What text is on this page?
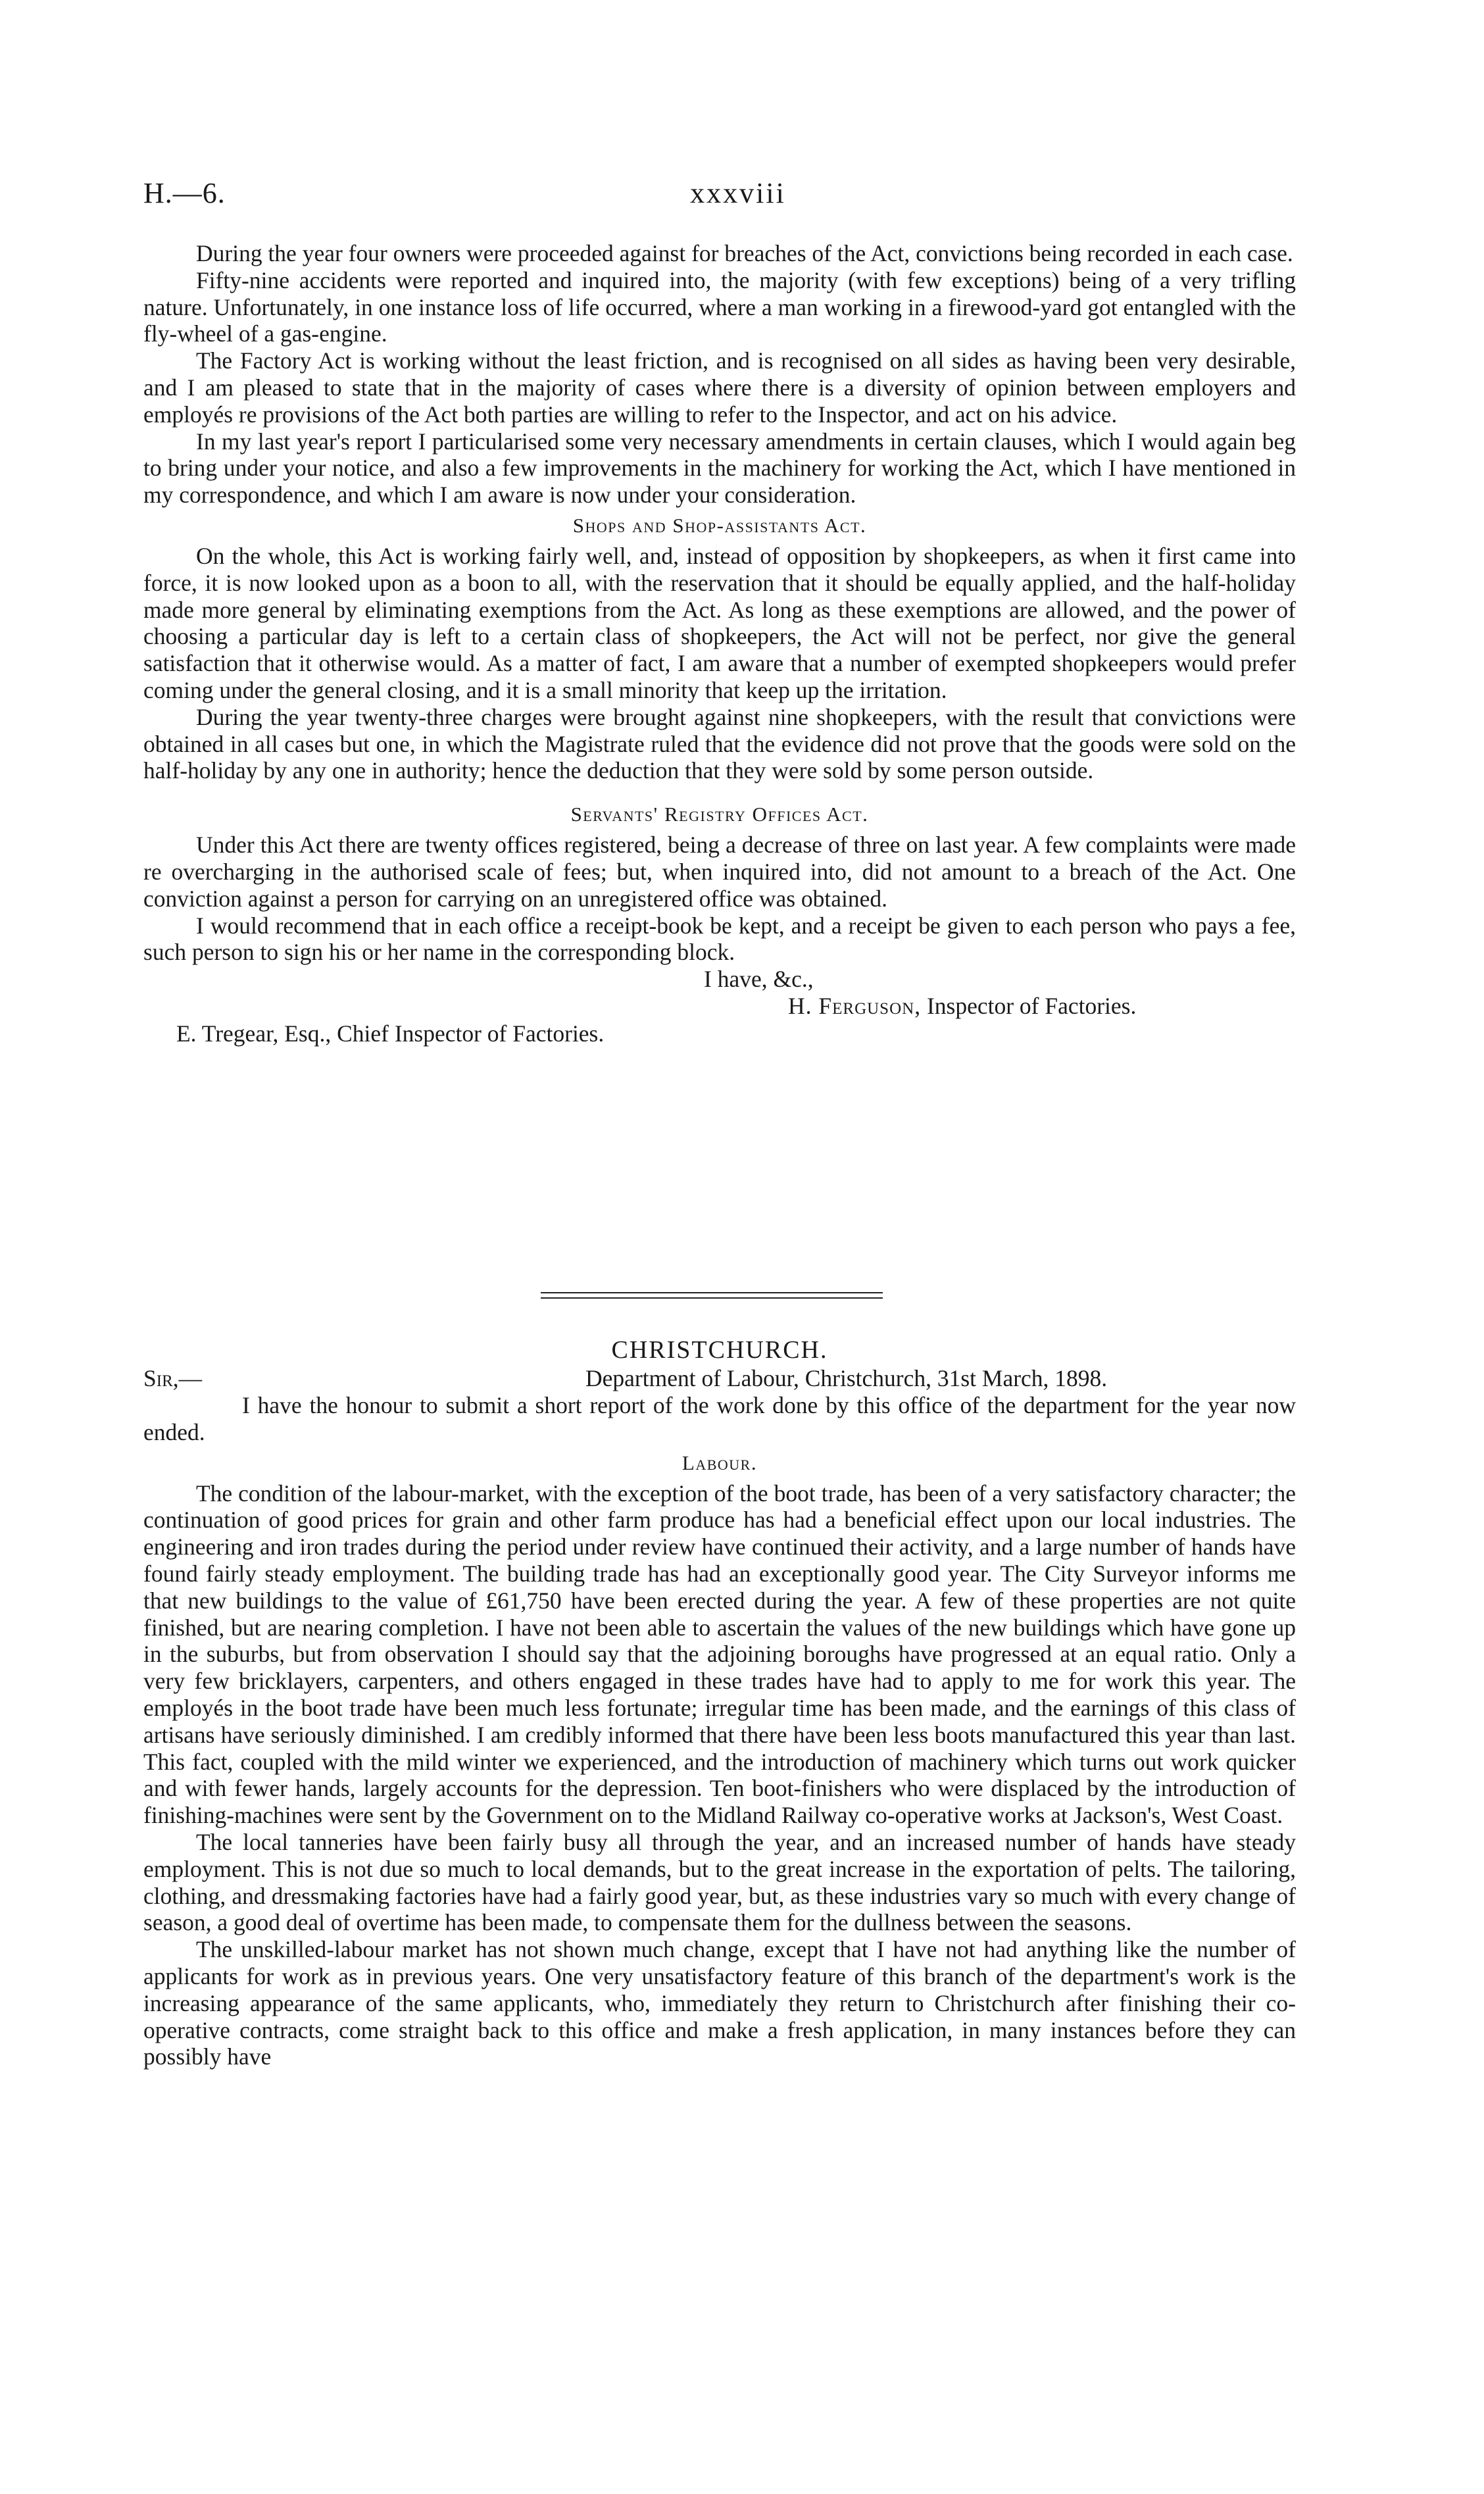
H.—6.	xxxviii

During the year four owners were proceeded against for breaches of the Act, convictions being recorded in each case.

Fifty-nine accidents were reported and inquired into, the majority (with few exceptions) being of a very trifling nature. Unfortunately, in one instance loss of life occurred, where a man working in a firewood-yard got entangled with the fly-wheel of a gas-engine.

The Factory Act is working without the least friction, and is recognised on all sides as having been very desirable, and I am pleased to state that in the majority of cases where there is a diversity of opinion between employers and employés re provisions of the Act both parties are willing to refer to the Inspector, and act on his advice.

In my last year's report I particularised some very necessary amendments in certain clauses, which I would again beg to bring under your notice, and also a few improvements in the machinery for working the Act, which I have mentioned in my correspondence, and which I am aware is now under your consideration.

Shops and Shop-assistants Act.

On the whole, this Act is working fairly well, and, instead of opposition by shopkeepers, as when it first came into force, it is now looked upon as a boon to all, with the reservation that it should be equally applied, and the half-holiday made more general by eliminating exemptions from the Act. As long as these exemptions are allowed, and the power of choosing a particular day is left to a certain class of shopkeepers, the Act will not be perfect, nor give the general satisfaction that it otherwise would. As a matter of fact, I am aware that a number of exempted shopkeepers would prefer coming under the general closing, and it is a small minority that keep up the irritation.

During the year twenty-three charges were brought against nine shopkeepers, with the result that convictions were obtained in all cases but one, in which the Magistrate ruled that the evidence did not prove that the goods were sold on the half-holiday by any one in authority; hence the deduction that they were sold by some person outside.

Servants' Registry Offices Act.

Under this Act there are twenty offices registered, being a decrease of three on last year. A few complaints were made re overcharging in the authorised scale of fees; but, when inquired into, did not amount to a breach of the Act. One conviction against a person for carrying on an unregistered office was obtained.

I would recommend that in each office a receipt-book be kept, and a receipt be given to each person who pays a fee, such person to sign his or her name in the corresponding block.

I have, &c.,

H. Ferguson, Inspector of Factories.

E. Tregear, Esq., Chief Inspector of Factories.

CHRISTCHURCH.

Sir,—	Department of Labour, Christchurch, 31st March, 1898.

I have the honour to submit a short report of the work done by this office of the department for the year now ended.

Labour.

The condition of the labour-market, with the exception of the boot trade, has been of a very satisfactory character; the continuation of good prices for grain and other farm produce has had a beneficial effect upon our local industries. The engineering and iron trades during the period under review have continued their activity, and a large number of hands have found fairly steady employment. The building trade has had an exceptionally good year. The City Surveyor informs me that new buildings to the value of £61,750 have been erected during the year. A few of these properties are not quite finished, but are nearing completion. I have not been able to ascertain the values of the new buildings which have gone up in the suburbs, but from observation I should say that the adjoining boroughs have progressed at an equal ratio. Only a very few bricklayers, carpenters, and others engaged in these trades have had to apply to me for work this year. The employés in the boot trade have been much less fortunate; irregular time has been made, and the earnings of this class of artisans have seriously diminished. I am credibly informed that there have been less boots manufactured this year than last. This fact, coupled with the mild winter we experienced, and the introduction of machinery which turns out work quicker and with fewer hands, largely accounts for the depression. Ten boot-finishers who were displaced by the introduction of finishing-machines were sent by the Government on to the Midland Railway co-operative works at Jackson's, West Coast.

The local tanneries have been fairly busy all through the year, and an increased number of hands have steady employment. This is not due so much to local demands, but to the great increase in the exportation of pelts. The tailoring, clothing, and dressmaking factories have had a fairly good year, but, as these industries vary so much with every change of season, a good deal of overtime has been made, to compensate them for the dullness between the seasons.

The unskilled-labour market has not shown much change, except that I have not had anything like the number of applicants for work as in previous years. One very unsatisfactory feature of this branch of the department's work is the increasing appearance of the same applicants, who, immediately they return to Christchurch after finishing their co-operative contracts, come straight back to this office and make a fresh application, in many instances before they can possibly have
